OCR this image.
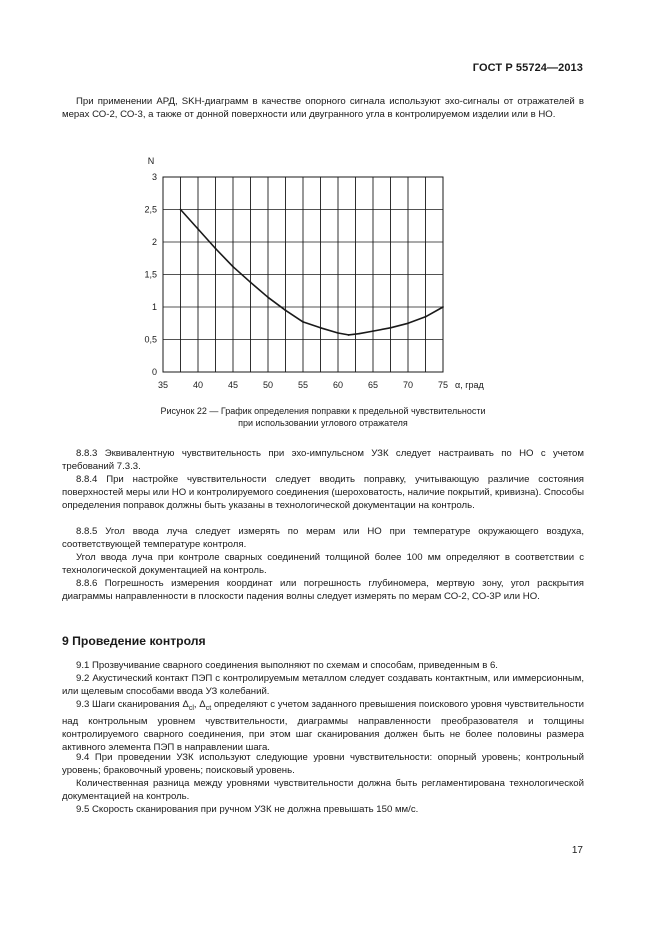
ГОСТ Р 55724—2013
При применении АРД, SKH-диаграмм в качестве опорного сигнала используют эхо-сигналы от отражателей в мерах СО-2, СО-3, а также от донной поверхности или двугранного угла в контролируемом изделии или в НО.
0
0,5
1
1,5
2
2,5
3
35	40	45	50	55	60	65	70	75
N
α, град
Рисунок 22 — График определения поправки к предельной чувствительности
при использовании углового отражателя
8.8.3 Эквивалентную чувствительность при эхо-импульсном УЗК следует настраивать по НО с учетом требований 7.3.3.
8.8.4 При настройке чувствительности следует вводить поправку, учитывающую различие состояния поверхностей меры или НО и контролируемого соединения (шероховатость, наличие покрытий, кривизна). Способы определения поправок должны быть указаны в технологической документации на контроль.
8.8.5 Угол ввода луча следует измерять по мерам или НО при температуре окружающего воздуха, соответствующей температуре контроля.
Угол ввода луча при контроле сварных соединений толщиной более 100 мм определяют в соответствии с технологической документацией на контроль.
8.8.6 Погрешность измерения координат или погрешность глубиномера, мертвую зону, угол раскрытия диаграммы направленности в плоскости падения волны следует измерять по мерам СО-2, СО-3Р или НО.
9 Проведение контроля
9.1 Прозвучивание сварного соединения выполняют по схемам и способам, приведенным в 6.
9.2 Акустический контакт ПЭП с контролируемым металлом следует создавать контактным, или иммерсионным, или щелевым способами ввода УЗ колебаний.
9.3 Шаги сканирования $\Delta_{cl}$, $\Delta_{ct}$ определяют с учетом заданного превышения поискового уровня чувствительности над контрольным уровнем чувствительности, диаграммы направленности преобразователя и толщины контролируемого сварного соединения, при этом шаг сканирования должен быть не более половины размера активного элемента ПЭП в направлении шага.
9.4 При проведении УЗК используют следующие уровни чувствительности: опорный уровень; контрольный уровень; браковочный уровень; поисковый уровень.
Количественная разница между уровнями чувствительности должна быть регламентирована технологической документацией на контроль.
9.5 Скорость сканирования при ручном УЗК не должна превышать 150 мм/с.
17
